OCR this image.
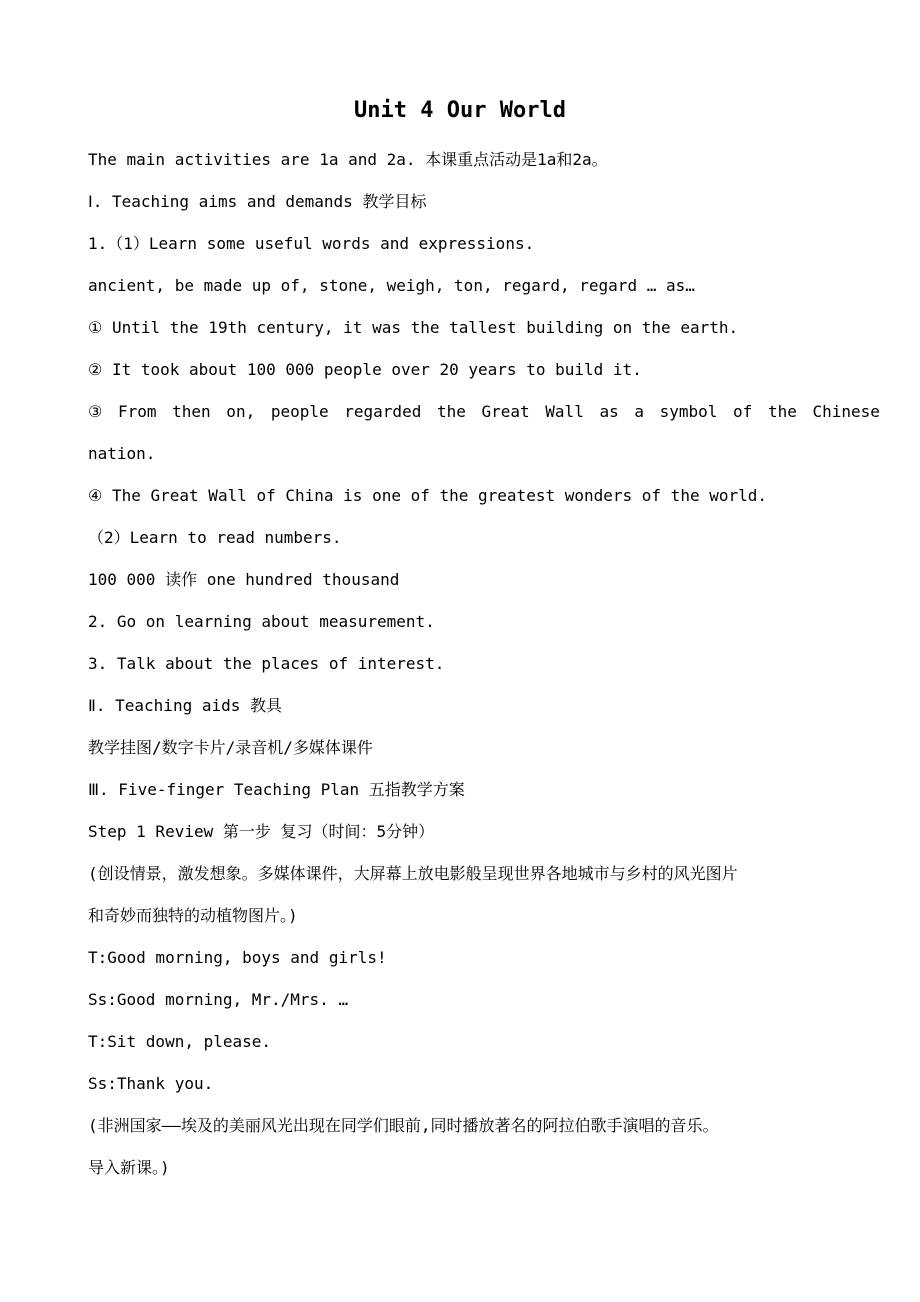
Unit 4 Our World
The main activities are 1a and 2a. 本课重点活动是1a和2a。
Ⅰ. Teaching aims and demands 教学目标
1.（1）Learn some useful words and expressions.
ancient, be made up of, stone, weigh, ton, regard, regard … as…
① Until the 19th century, it was the tallest building on the earth.
② It took about 100 000 people over 20 years to build it.
③ From then on, people regarded the Great Wall as a symbol of the Chinese
nation.
④ The Great Wall of China is one of the greatest wonders of the world.
（2）Learn to read numbers.
100 000 读作 one hundred thousand
2. Go on learning about measurement.
3. Talk about the places of interest.
Ⅱ. Teaching aids 教具
教学挂图/数字卡片/录音机/多媒体课件
Ⅲ. Five-finger Teaching Plan 五指教学方案
Step 1 Review 第一步 复习（时间：5分钟）
(创设情景，激发想象。多媒体课件，大屏幕上放电影般呈现世界各地城市与乡村的风光图片
和奇妙而独特的动植物图片。)
T:Good morning, boys and girls!
Ss:Good morning, Mr./Mrs. …
T:Sit down, please.
Ss:Thank you.
(非洲国家——埃及的美丽风光出现在同学们眼前,同时播放著名的阿拉伯歌手演唱的音乐。
导入新课。)
